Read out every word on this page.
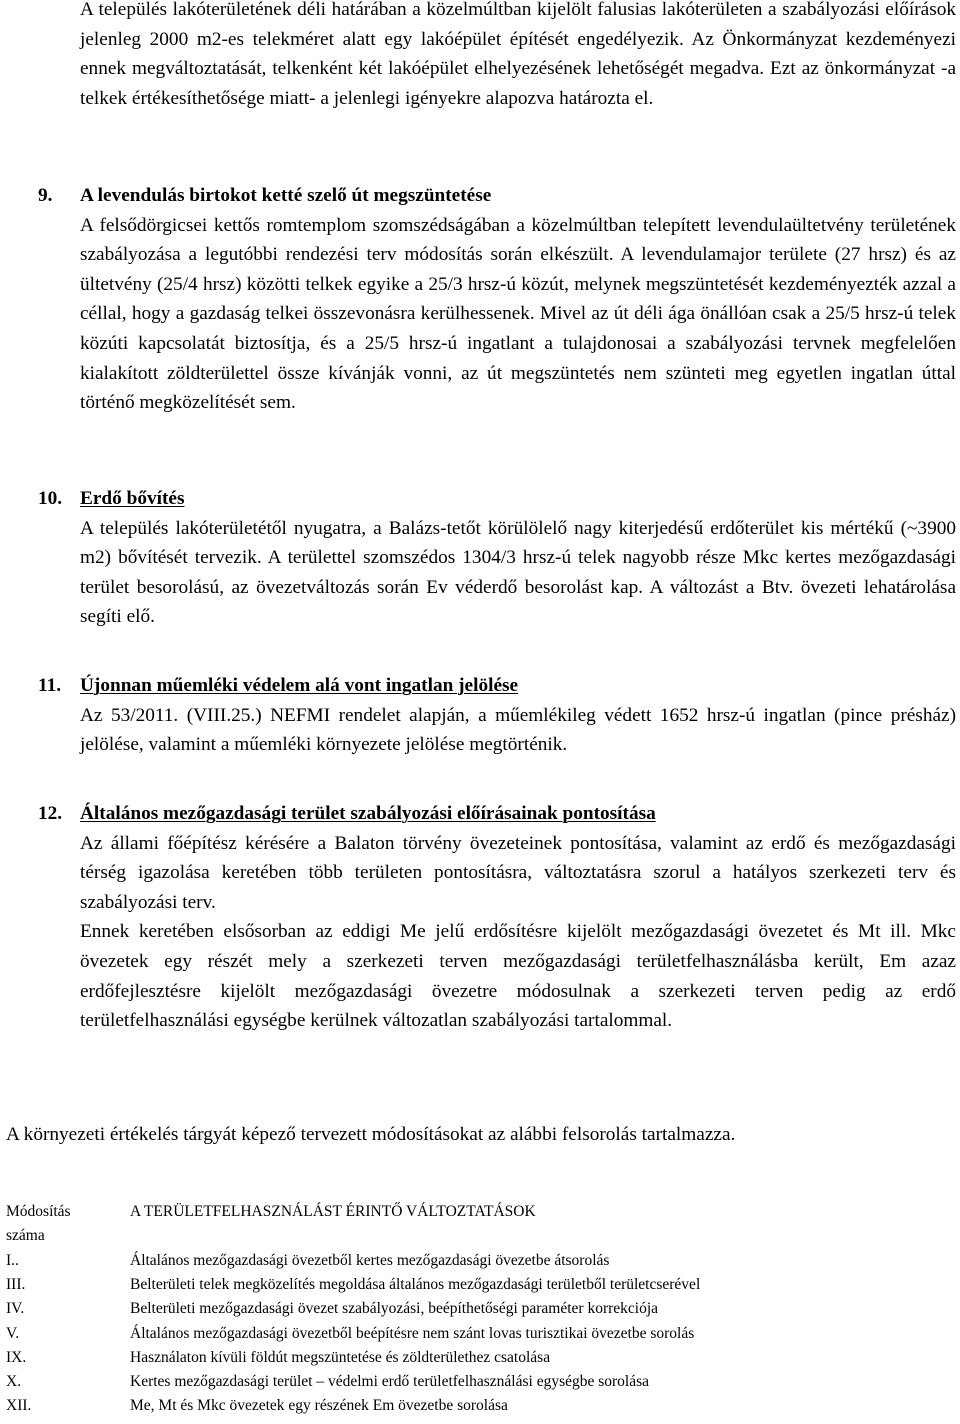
A település lakóterületének déli határában a közelmúltban kijelölt falusias lakóterületen a szabályozási előírások jelenleg 2000 m2-es telekméret alatt egy lakóépület építését engedélyezik. Az Önkormányzat kezdeményezi ennek megváltoztatását, telkenként két lakóépület elhelyezésének lehetőségét megadva. Ezt az önkormányzat -a telkek értékesíthetősége miatt- a jelenlegi igényekre alapozva határozta el.

9. A levendulás birtokot ketté szelő út megszüntetése

A felsődörgicsei kettős romtemplom szomszédságában a közelmúltban telepített levendulaültetvény területének szabályozása a legutóbbi rendezési terv módosítás során elkészült. A levendulamajor területe (27 hrsz) és az ültetvény (25/4 hrsz) közötti telkek egyike a 25/3 hrsz-ú közút, melynek megszüntetését kezdeményezték azzal a céllal, hogy a gazdaság telkei összevonásra kerülhessenek. Mivel az út déli ága önállóan csak a 25/5 hrsz-ú telek közúti kapcsolatát biztosítja, és a 25/5 hrsz-ú ingatlant a tulajdonosai a szabályozási tervnek megfelelően kialakított zöldterülettel össze kívánják vonni, az út megszüntetés nem szünteti meg egyetlen ingatlan úttal történő megközelítését sem.

10. Erdő bővítés

A település lakóterületétől nyugatra, a Balázs-tetőt körülölelő nagy kiterjedésű erdőterület kis mértékű (~3900 m2) bővítését tervezik. A területtel szomszédos 1304/3 hrsz-ú telek nagyobb része Mkc kertes mezőgazdasági terület besorolású, az övezetváltozás során Ev véderdő besorolást kap. A változást a Btv. övezeti lehatárolása segíti elő.

11. Újonnan műemléki védelem alá vont ingatlan jelölése

Az 53/2011. (VIII.25.) NEFMI rendelet alapján, a műemlékileg védett 1652 hrsz-ú ingatlan (pince présház) jelölése, valamint a műemléki környezete jelölése megtörténik.

12. Általános mezőgazdasági terület szabályozási előírásainak pontosítása

Az állami főépítész kérésére a Balaton törvény övezeteinek pontosítása, valamint az erdő és mezőgazdasági térség igazolása keretében több területen pontosításra, változtatásra szorul a hatályos szerkezeti terv és szabályozási terv.

Ennek keretében elsősorban az eddigi Me jelű erdősítésre kijelölt mezőgazdasági övezetet és Mt ill. Mkc övezetek egy részét mely a szerkezeti terven mezőgazdasági területfelhasználásba került, Em azaz erdőfejlesztésre kijelölt mezőgazdasági övezetre módosulnak a szerkezeti terven pedig az erdő területfelhasználási egységbe kerülnek változatlan szabályozási tartalommal.

A környezeti értékelés tárgyát képező tervezett módosításokat az alábbi felsorolás tartalmazza.

Módosítás	A TERÜLETFELHASZNÁLÁST ÉRINTŐ VÁLTOZTATÁSOK
száma
I..	Általános mezőgazdasági övezetből kertes mezőgazdasági övezetbe átsorolás
III.	Belterületi telek megközelítés megoldása általános mezőgazdasági területből területcserével
IV.	Belterületi mezőgazdasági övezet szabályozási, beépíthetőségi paraméter korrekciója
V.	Általános mezőgazdasági övezetből beépítésre nem szánt lovas turisztikai övezetbe sorolás
IX.	Használaton kívüli földút megszüntetése és zöldterülethez csatolása
X.	Kertes mezőgazdasági terület – védelmi erdő területfelhasználási egységbe sorolása
XII.	Me, Mt és Mkc övezetek egy részének Em övezetbe sorolása
